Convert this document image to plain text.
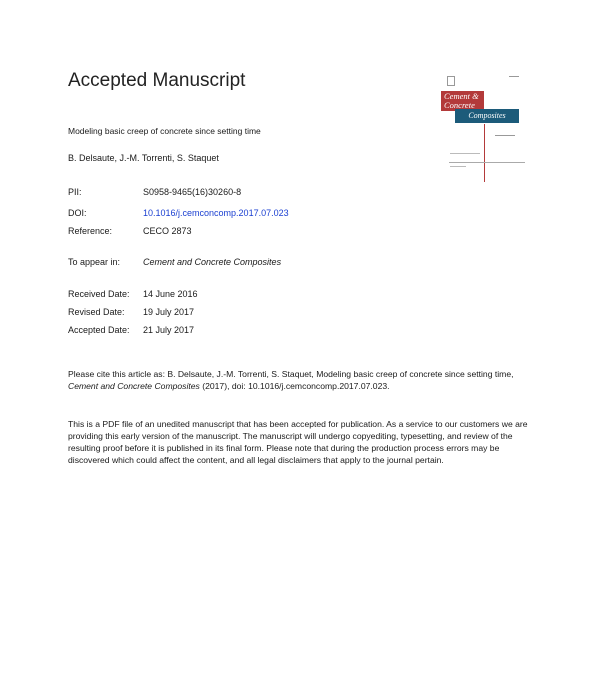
Accepted Manuscript
Cement &
Concrete
Composites
Modeling basic creep of concrete since setting time
B. Delsaute, J.-M. Torrenti, S. Staquet
PII:	S0958-9465(16)30260-8
DOI:	10.1016/j.cemconcomp.2017.07.023
Reference:	CECO 2873
To appear in:	Cement and Concrete Composites
Received Date: 14 June 2016
Revised Date: 19 July 2017
Accepted Date: 21 July 2017
Please cite this article as: B. Delsaute, J.-M. Torrenti, S. Staquet, Modeling basic creep of concrete since setting time, Cement and Concrete Composites (2017), doi: 10.1016/j.cemconcomp.2017.07.023.
This is a PDF file of an unedited manuscript that has been accepted for publication. As a service to our customers we are providing this early version of the manuscript. The manuscript will undergo copyediting, typesetting, and review of the resulting proof before it is published in its final form. Please note that during the production process errors may be discovered which could affect the content, and all legal disclaimers that apply to the journal pertain.
